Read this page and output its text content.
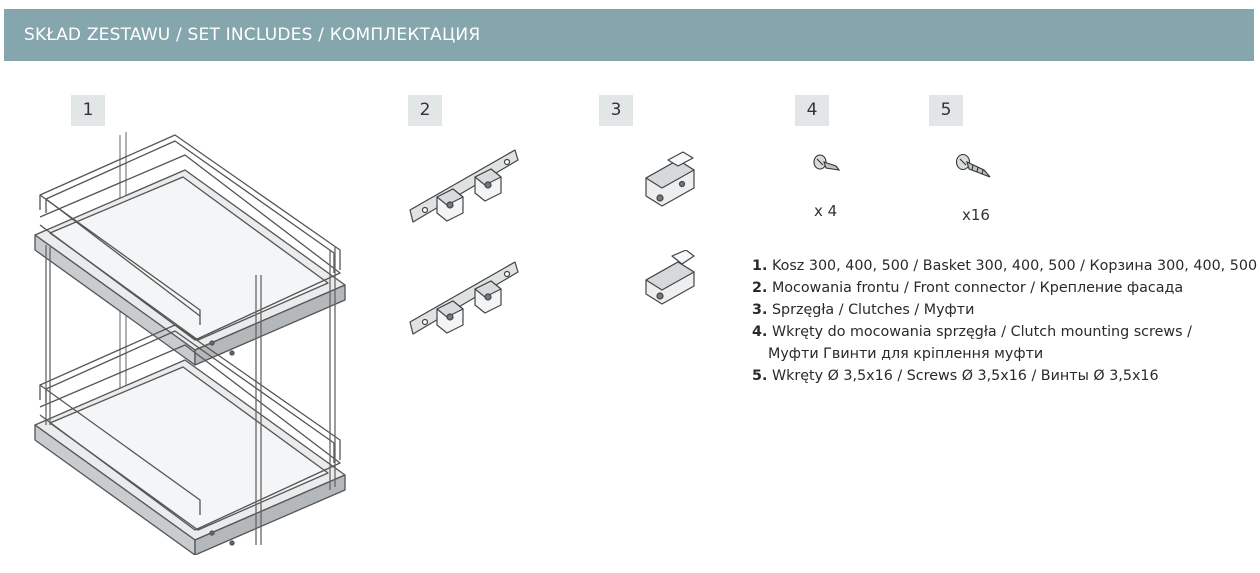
SKŁAD ZESTAWU / SET INCLUDES / КОМПЛЕКТАЦИЯ
1	2	3	4	5
x 4	x16
1. Kosz 300, 400, 500 / Basket 300, 400, 500 / Корзина 300, 400, 500
2. Mocowania frontu / Front connector / Крепление фасада
3. Sprzęgła / Clutches / Муфти
4. Wkręty do mocowania sprzęgła / Clutch mounting screws /
Муфти Гвинти для кріплення муфти
5. Wkręty Ø 3,5x16 / Screws Ø 3,5x16 / Винты Ø 3,5x16
